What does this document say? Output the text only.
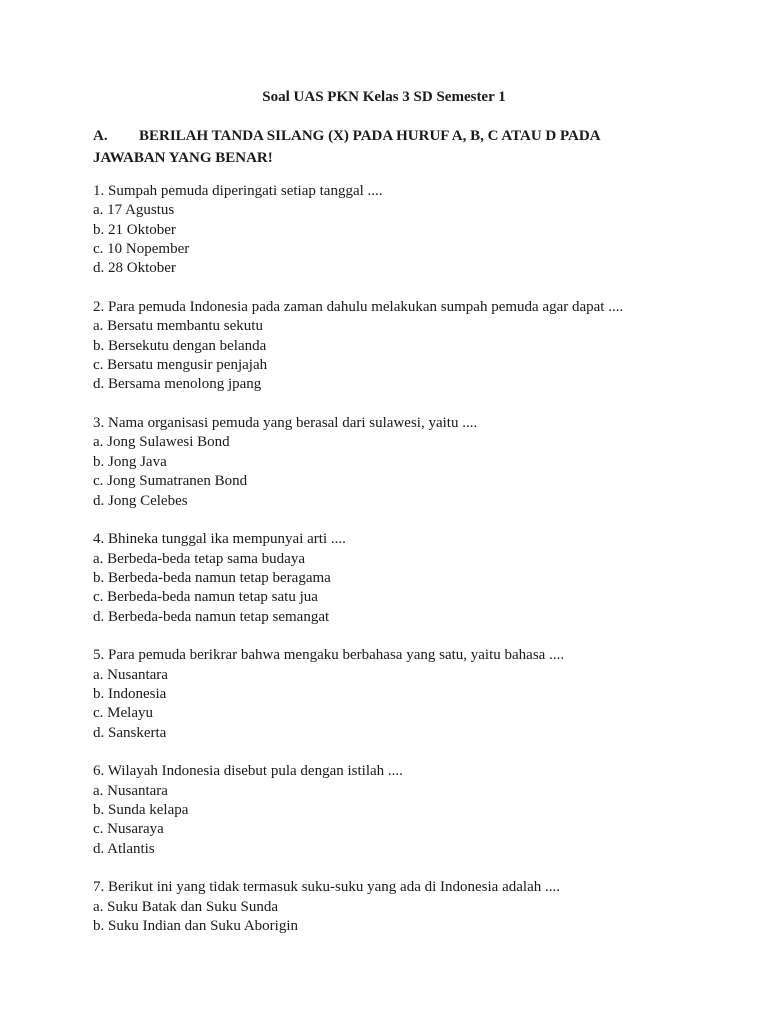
Soal UAS PKN Kelas 3 SD Semester 1
A. BERILAH TANDA SILANG (X) PADA HURUF A, B, C ATAU D PADA
JAWABAN YANG BENAR!

1. Sumpah pemuda diperingati setiap tanggal ....

a. 17 Agustus

b. 21 Oktober

c. 10 Nopember

d. 28 Oktober

2. Para pemuda Indonesia pada zaman dahulu melakukan sumpah pemuda agar dapat ....

a. Bersatu membantu sekutu

b. Bersekutu dengan belanda

c. Bersatu mengusir penjajah

d. Bersama menolong jpang

3. Nama organisasi pemuda yang berasal dari sulawesi, yaitu ....

a. Jong Sulawesi Bond

b. Jong Java

c. Jong Sumatranen Bond

d. Jong Celebes

4. Bhineka tunggal ika mempunyai arti ....

a. Berbeda-beda tetap sama budaya

b. Berbeda-beda namun tetap beragama

c. Berbeda-beda namun tetap satu jua

d. Berbeda-beda namun tetap semangat

5. Para pemuda berikrar bahwa mengaku berbahasa yang satu, yaitu bahasa ....

a. Nusantara

b. Indonesia

c. Melayu

d. Sanskerta

6. Wilayah Indonesia disebut pula dengan istilah ....

a. Nusantara

b. Sunda kelapa

c. Nusaraya

d. Atlantis

7. Berikut ini yang tidak termasuk suku-suku yang ada di Indonesia adalah ....

a. Suku Batak dan Suku Sunda

b. Suku Indian dan Suku Aborigin
